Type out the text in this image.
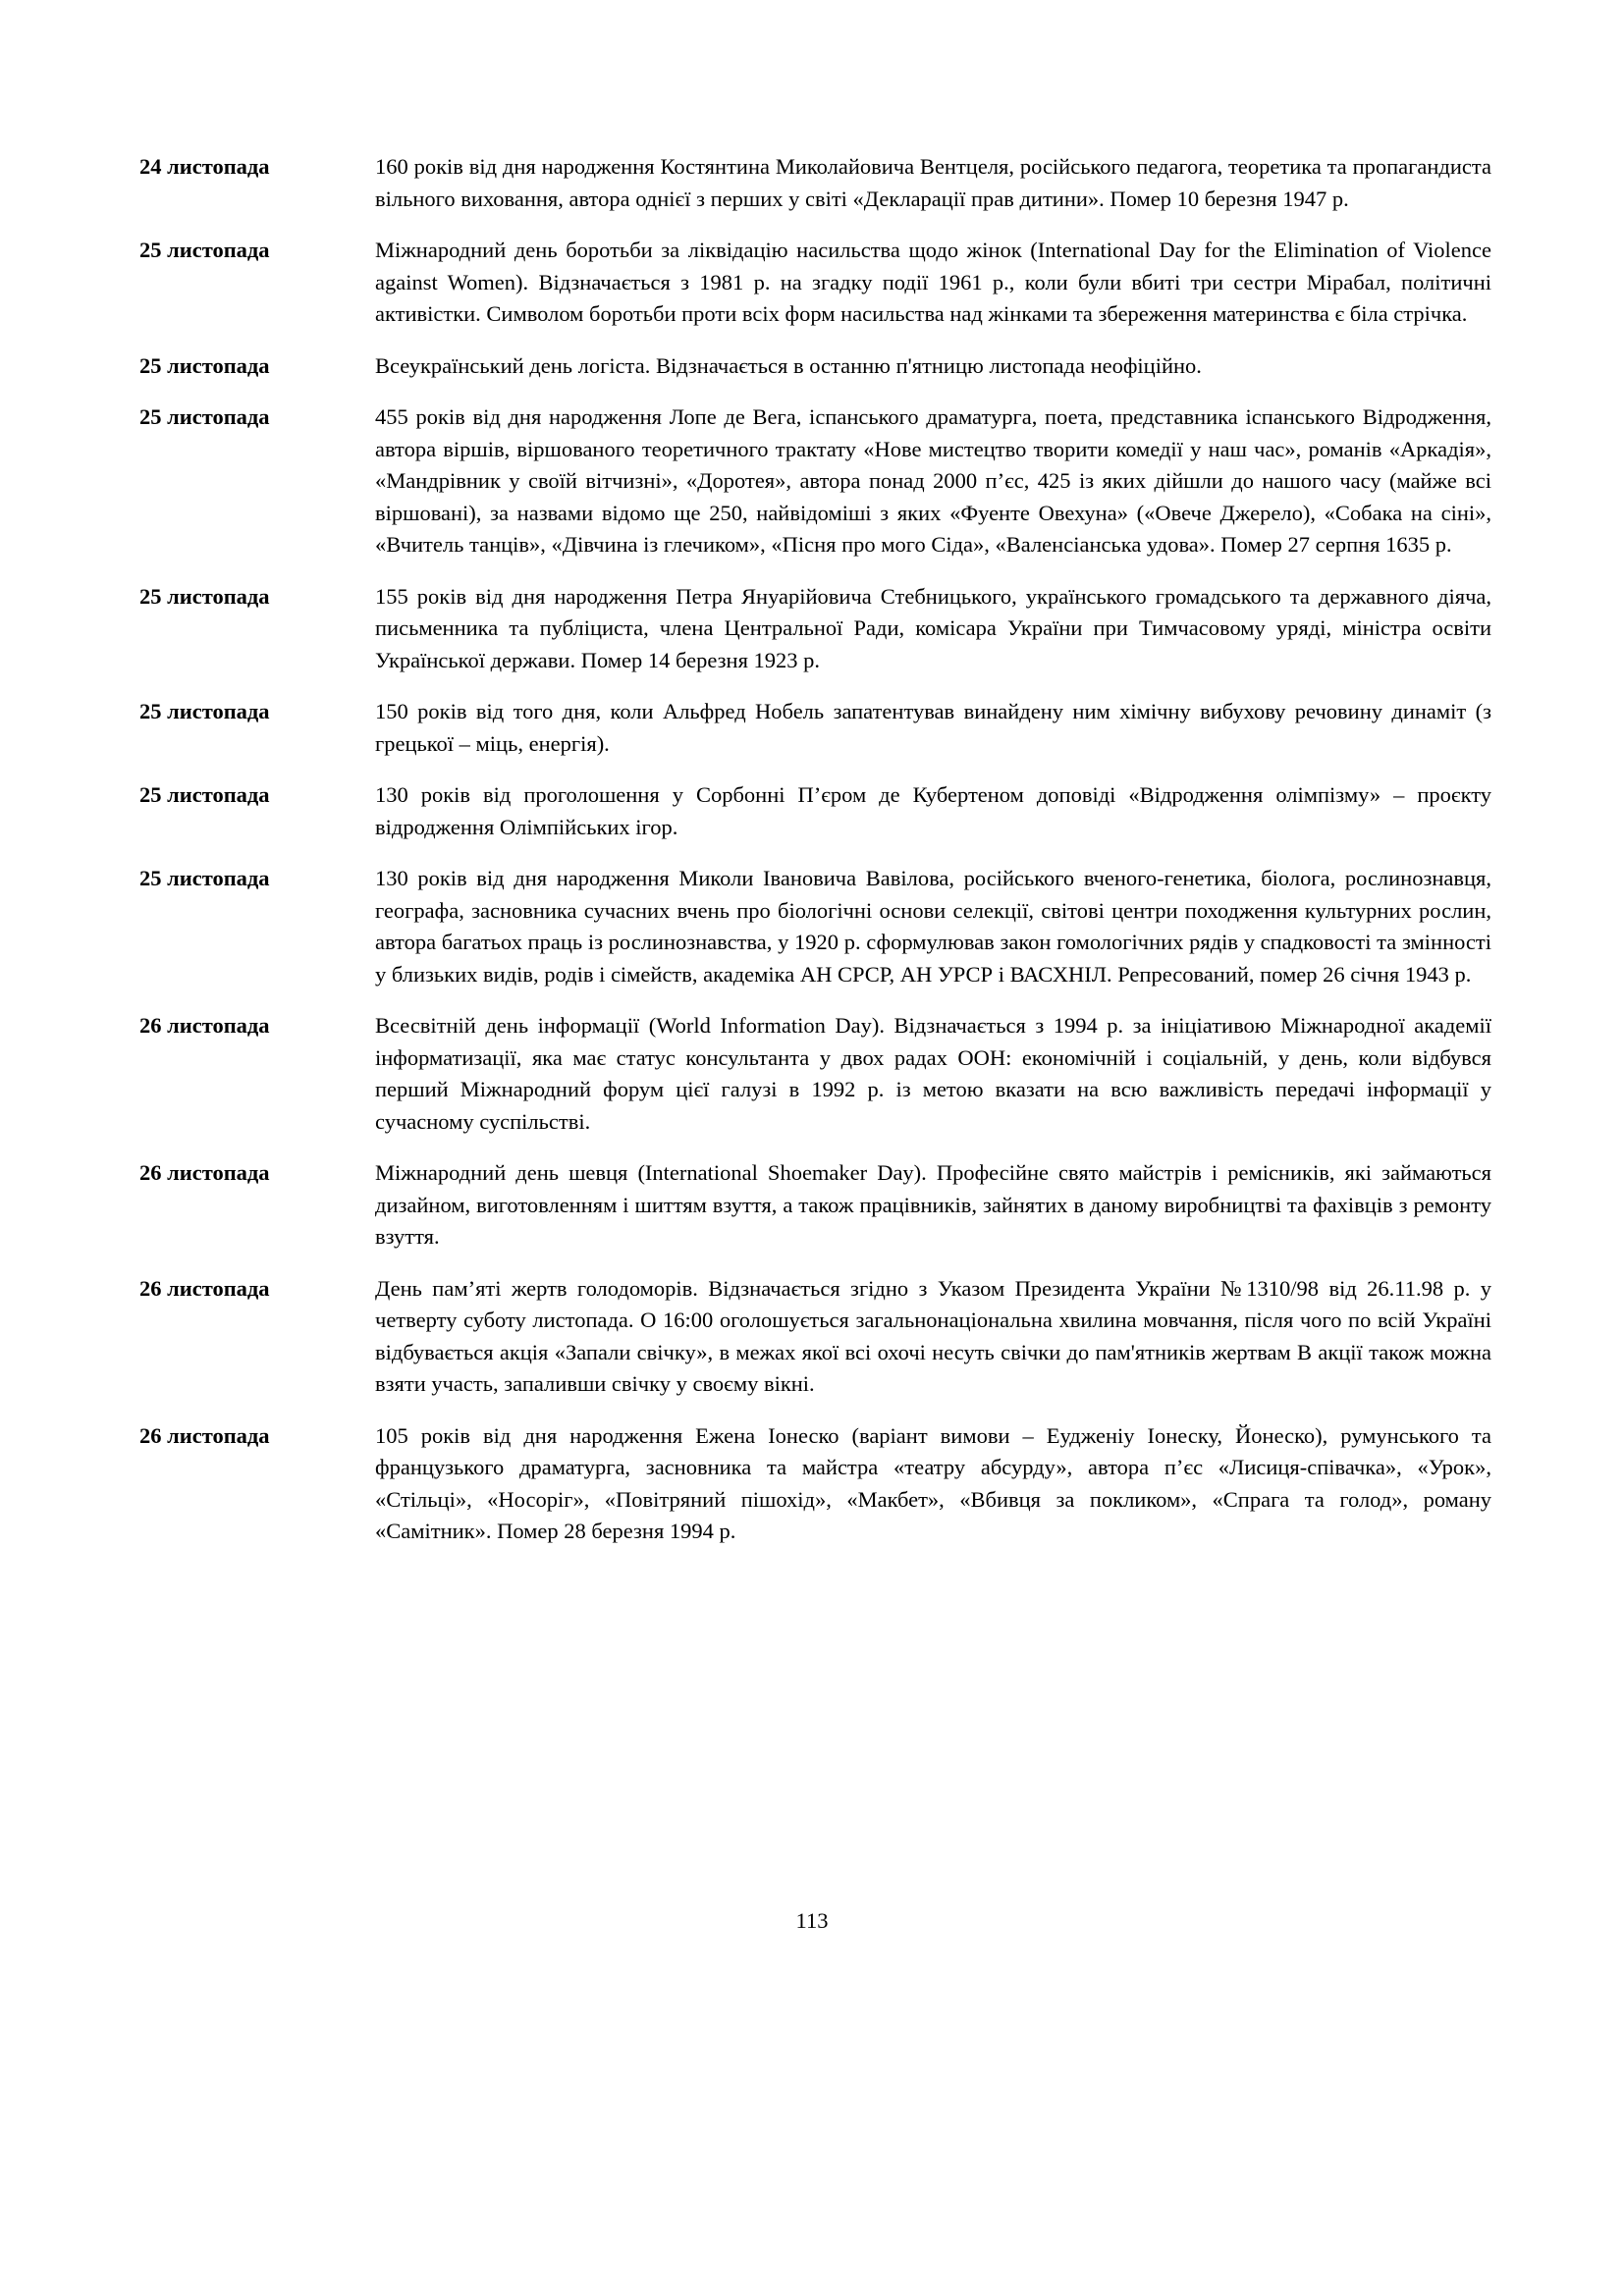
24 листопада	160 років від дня народження Костянтина Миколайовича Вентцеля, російського педагога, теоретика та пропагандиста вільного виховання, автора однієї з перших у світі «Декларації прав дитини». Помер 10 березня 1947 р.
25 листопада	Міжнародний день боротьби за ліквідацію насильства щодо жінок (International Day for the Elimination of Violence against Women). Відзначається з 1981 р. на згадку події 1961 р., коли були вбиті три сестри Мірабал, політичні активістки. Символом боротьби проти всіх форм насильства над жінками та збереження материнства є біла стрічка.
25 листопада	Всеукраїнський день логіста. Відзначається в останню п'ятницю листопада неофіційно.
25 листопада	455 років від дня народження Лопе де Вега, іспанського драматурга, поета, представника іспанського Відродження, автора віршів, віршованого теоретичного трактату «Нове мистецтво творити комедії у наш час», романів «Аркадія», «Мандрівник у своїй вітчизні», «Доротея», автора понад 2000 п’єс, 425 із яких дійшли до нашого часу (майже всі віршовані), за назвами відомо ще 250, найвідоміші з яких «Фуенте Овехуна» («Овече Джерело), «Собака на сіні», «Вчитель танців», «Дівчина із глечиком», «Пісня про мого Сіда», «Валенсіанська удова». Помер 27 серпня 1635 р.
25 листопада	155 років від дня народження Петра Януарійовича Стебницького, українського громадського та державного діяча, письменника та публіциста, члена Центральної Ради, комісара України при Тимчасовому уряді, міністра освіти Української держави. Помер 14 березня 1923 р.
25 листопада	150 років від того дня, коли Альфред Нобель запатентував винайдену ним хімічну вибухову речовину динаміт (з грецької – міць, енергія).
25 листопада	130 років від проголошення у Сорбонні П’єром де Кубертеном доповіді «Відродження олімпізму» – проєкту відродження Олімпійських ігор.
25 листопада	130 років від дня народження Миколи Івановича Вавілова, російського вченого-генетика, біолога, рослинознавця, географа, засновника сучасних вчень про біологічні основи селекції, світові центри походження культурних рослин, автора багатьох праць із рослинознавства, у 1920 р. сформулював закон гомологічних рядів у спадковості та змінності у близьких видів, родів і сімейств, академіка АН СРСР, АН УРСР і ВАСХНІЛ. Репресований, помер 26 січня 1943 р.
26 листопада	Всесвітній день інформації (World Information Day). Відзначається з 1994 р. за ініціативою Міжнародної академії інформатизації, яка має статус консультанта у двох радах ООН: економічній і соціальній, у день, коли відбувся перший Міжнародний форум цієї галузі в 1992 р. із метою вказати на всю важливість передачі інформації у сучасному суспільстві.
26 листопада	Міжнародний день шевця (International Shoemaker Day). Професійне свято майстрів і ремісників, які займаються дизайном, виготовленням і шиттям взуття, а також працівників, зайнятих в даному виробництві та фахівців з ремонту взуття.
26 листопада	День пам’яті жертв голодоморів. Відзначається згідно з Указом Президента України №1310/98 від 26.11.98 р. у четверту суботу листопада. О 16:00 оголошується загальнонаціональна хвилина мовчання, після чого по всій Україні відбувається акція «Запали свічку», в межах якої всі охочі несуть свічки до пам'ятників жертвам В акції також можна взяти участь, запаливши свічку у своєму вікні.
26 листопада	105 років від дня народження Ежена Іонеско (варіант вимови – Еудженіу Іонеску, Йонеско), румунського та французького драматурга, засновника та майстра «театру абсурду», автора п’єс «Лисиця-співачка», «Урок», «Стільці», «Носоріг», «Повітряний пішохід», «Макбет», «Вбивця за покликом», «Спрага та голод», роману «Самітник». Помер 28 березня 1994 р.
113
